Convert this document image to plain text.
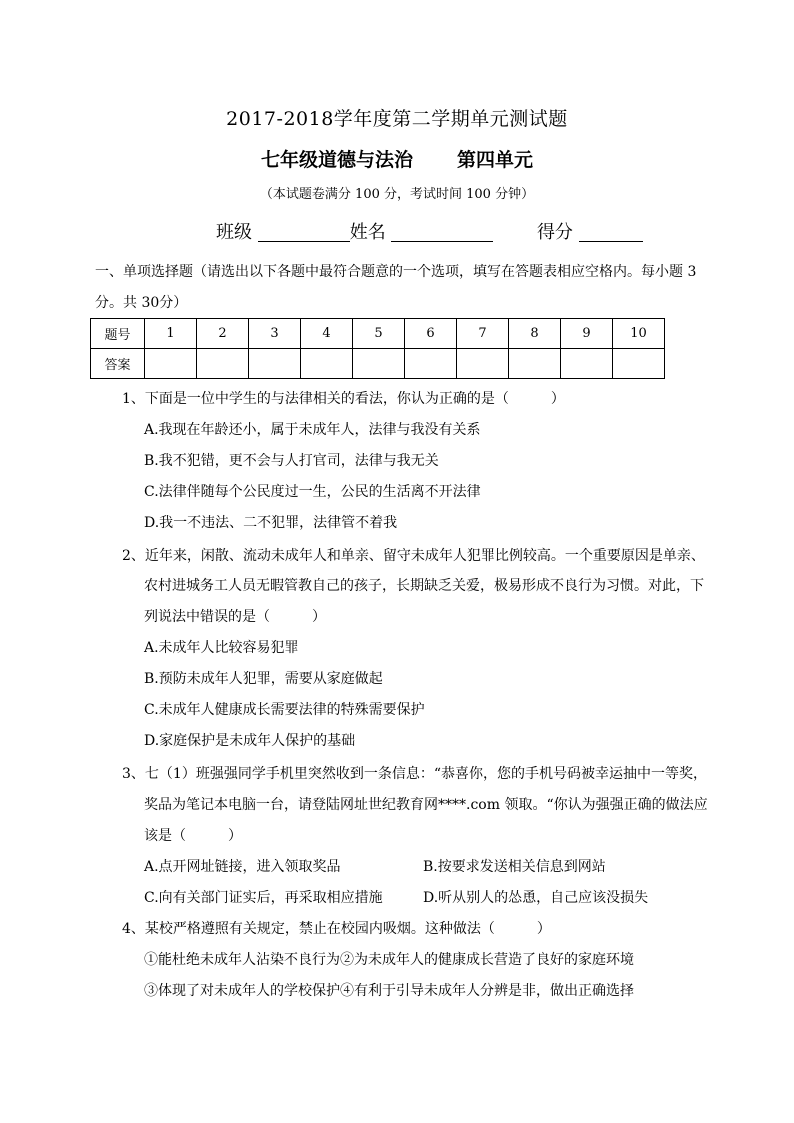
2017-2018学年度第二学期单元测试题
七年级道德与法治 第四单元
（本试题卷满分 100 分，考试时间 100 分钟）
班级	姓名	得分
一、单项选择题（请选出以下各题中最符合题意的一个选项，填写在答题表相应空格内。每小题 3 分。共 30分）
题号	1	2	3	4	5	6	7	8	9	10
答案										
1、下面是一位中学生的与法律相关的看法，你认为正确的是（　　　）
A.我现在年龄还小，属于未成年人，法律与我没有关系
B.我不犯错，更不会与人打官司，法律与我无关
C.法律伴随每个公民度过一生，公民的生活离不开法律
D.我一不违法、二不犯罪，法律管不着我
2、近年来，闲散、流动未成年人和单亲、留守未成年人犯罪比例较高。一个重要原因是单亲、
农村进城务工人员无暇管教自己的孩子，长期缺乏关爱，极易形成不良行为习惯。对此，下
列说法中错误的是（　　　）
A.未成年人比较容易犯罪
B.预防未成年人犯罪，需要从家庭做起
C.未成年人健康成长需要法律的特殊需要保护
D.家庭保护是未成年人保护的基础
3、七（1）班强强同学手机里突然收到一条信息：“恭喜你，您的手机号码被幸运抽中一等奖，
奖品为笔记本电脑一台，请登陆网址世纪教育网****.com 领取。“你认为强强正确的做法应
该是（　　　）
A.点开网址链接，进入领取奖品	B.按要求发送相关信息到网站
C.向有关部门证实后，再采取相应措施	D.听从别人的怂恿，自己应该没损失
4、某校严格遵照有关规定，禁止在校园内吸烟。这种做法（　　　）
①能杜绝未成年人沾染不良行为②为未成年人的健康成长营造了良好的家庭环境
③体现了对未成年人的学校保护④有利于引导未成年人分辨是非，做出正确选择
